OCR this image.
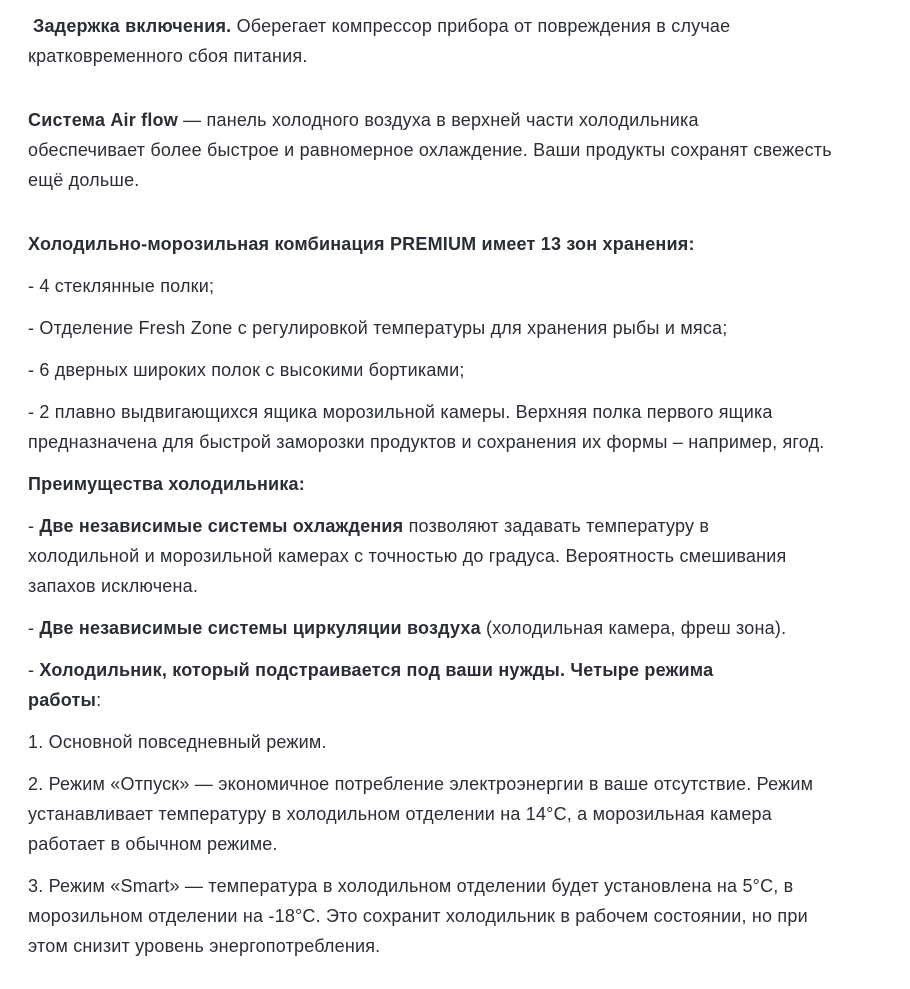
Задержка включения. Оберегает компрессор прибора от повреждения в случае
кратковременного сбоя питания.

Система Air flow — панель холодного воздуха в верхней части холодильника
обеспечивает более быстрое и равномерное охлаждение. Ваши продукты сохранят свежесть
ещё дольше.

Холодильно-морозильная комбинация PREMIUM имеет 13 зон хранения:

- 4 стеклянные полки;

- Отделение Fresh Zone с регулировкой температуры для хранения рыбы и мяса;

- 6 дверных широких полок с высокими бортиками;

- 2 плавно выдвигающихся ящика морозильной камеры. Верхняя полка первого ящика
предназначена для быстрой заморозки продуктов и сохранения их формы – например, ягод.

Преимущества холодильника:

- Две независимые системы охлаждения позволяют задавать температуру в
холодильной и морозильной камерах с точностью до градуса. Вероятность смешивания
запахов исключена.

- Две независимые системы циркуляции воздуха (холодильная камера, фреш зона).

- Холодильник, который подстраивается под ваши нужды. Четыре режима
работы:

1. Основной повседневный режим.

2. Режим «Отпуск» — экономичное потребление электроэнергии в ваше отсутствие. Режим
устанавливает температуру в холодильном отделении на 14°C, а морозильная камера
работает в обычном режиме.

3. Режим «Smart» — температура в холодильном отделении будет установлена на 5°C, в
морозильном отделении на -18°C. Это сохранит холодильник в рабочем состоянии, но при
этом снизит уровень энергопотребления.
